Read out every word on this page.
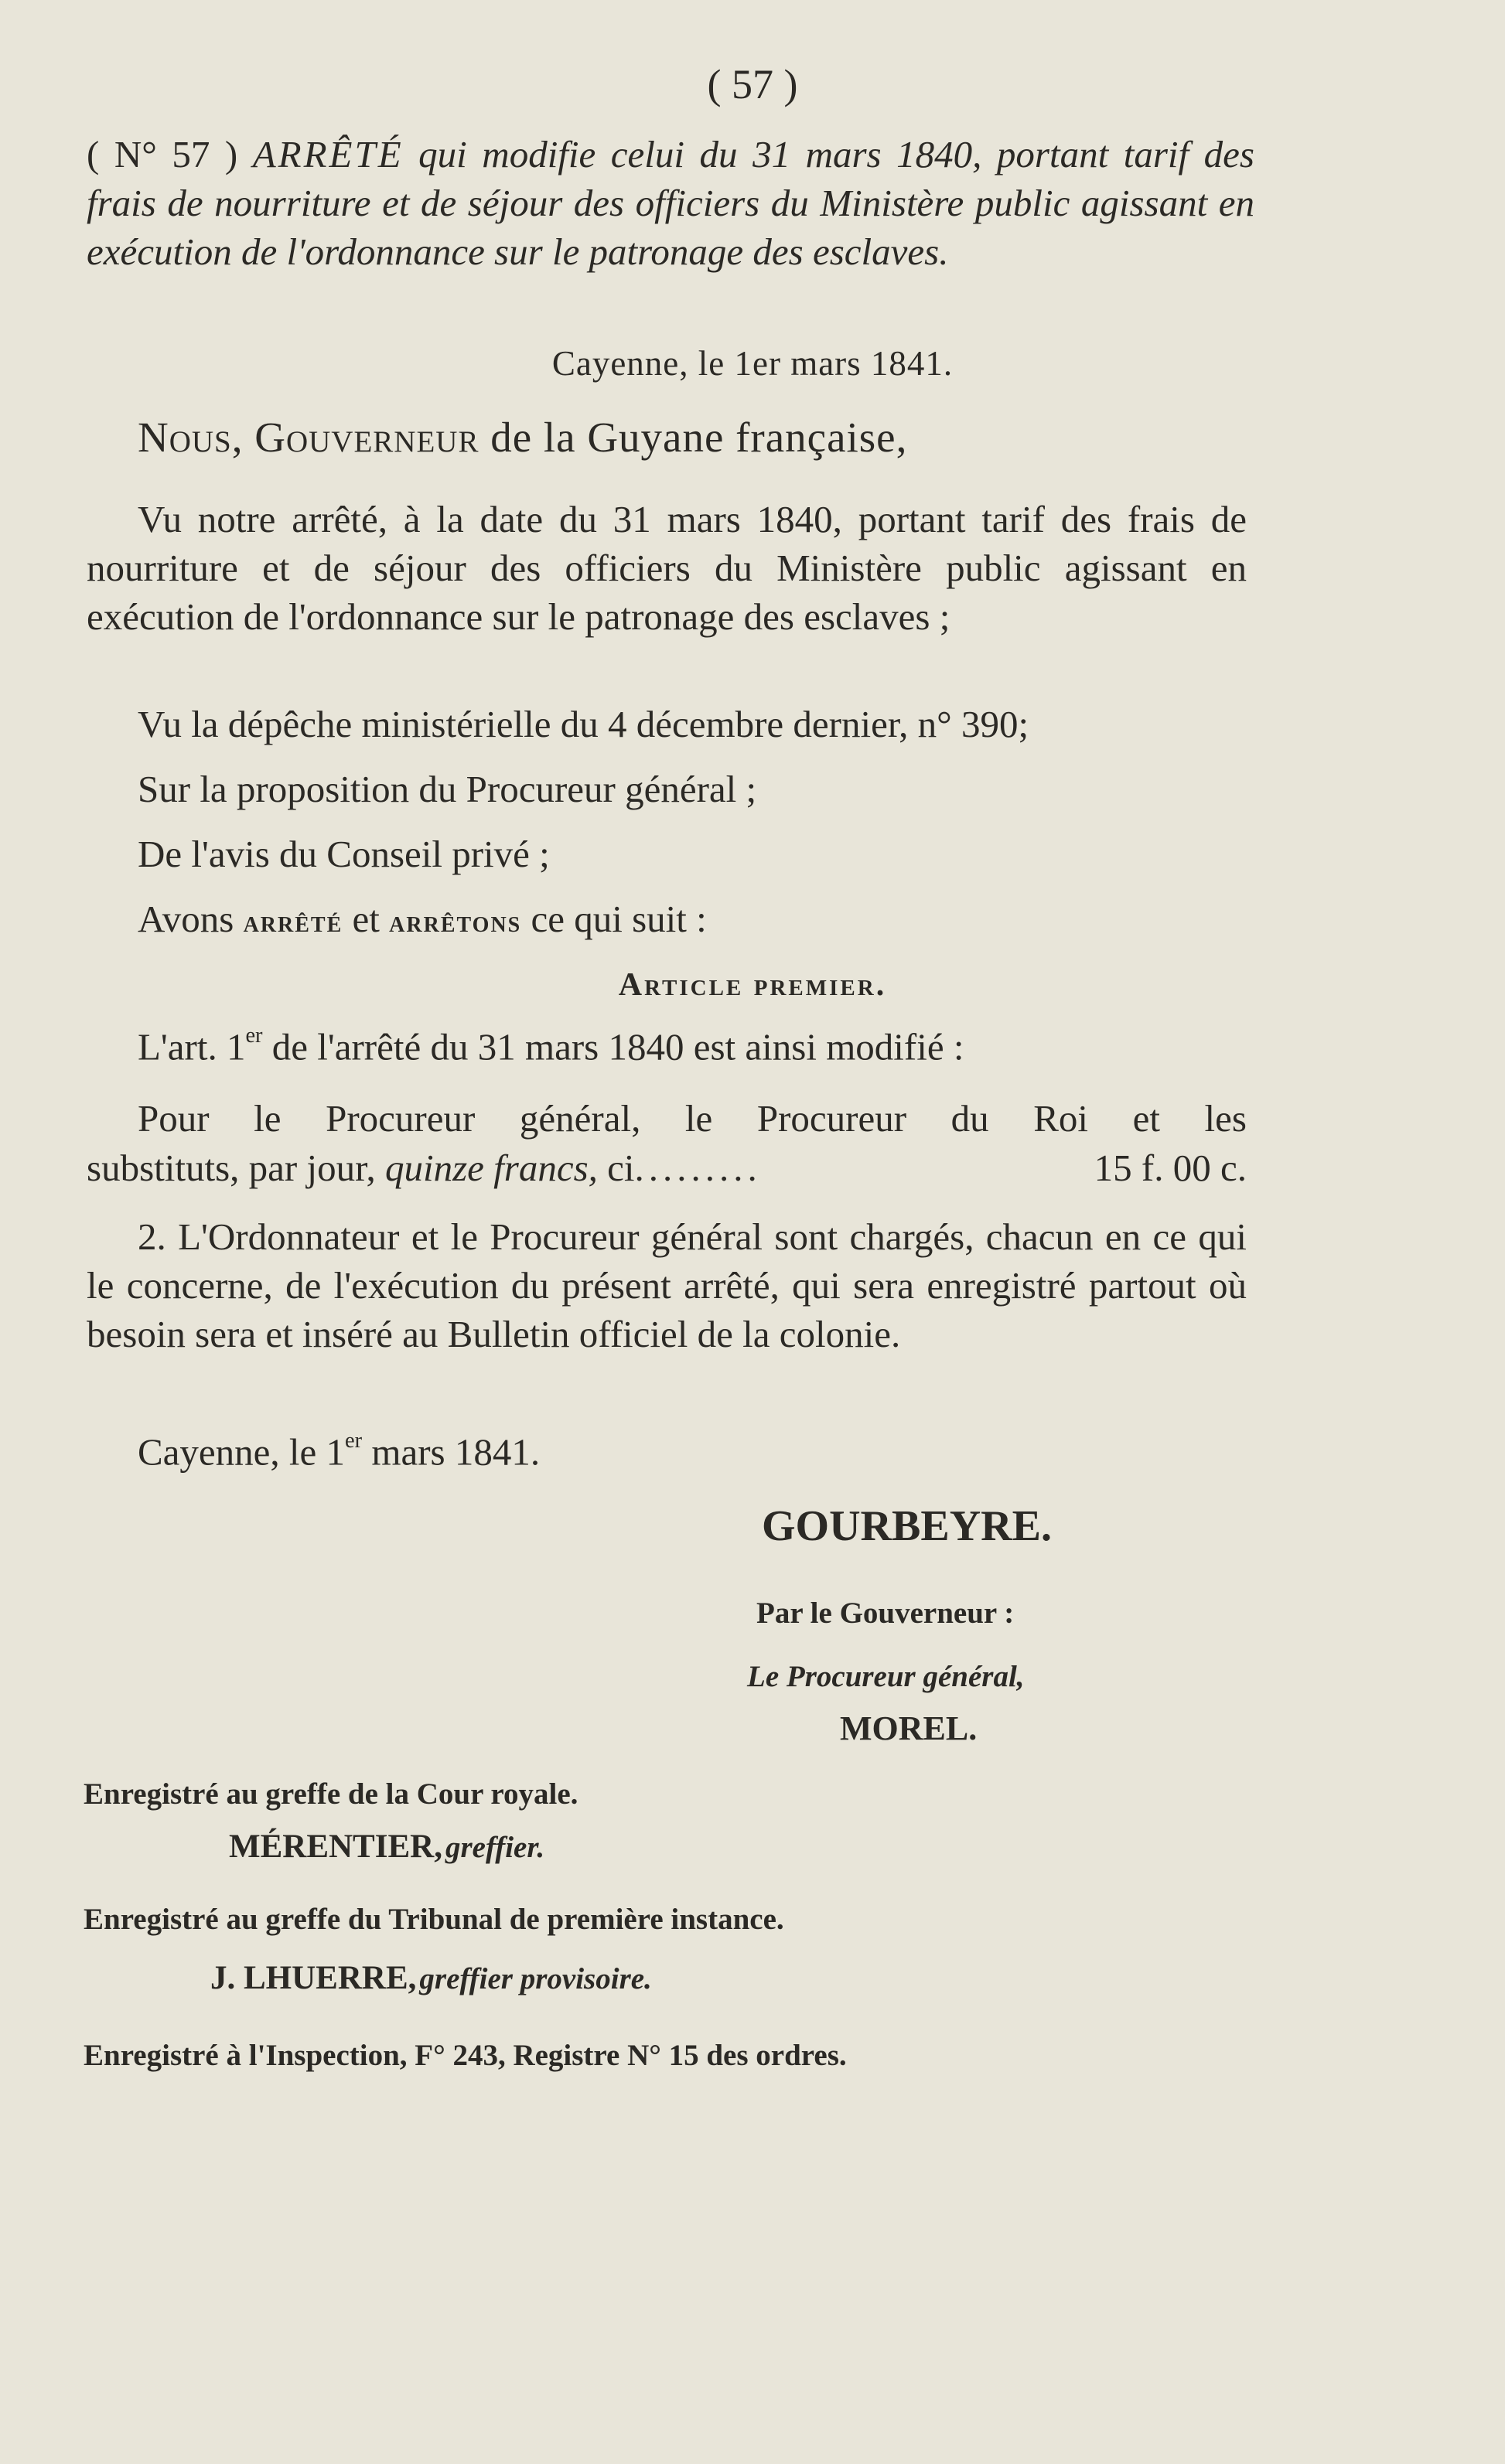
( 57 )

( N° 57 ) ARRÊTÉ qui modifie celui du 31 mars 1840, portant tarif des frais de nourriture et de séjour des officiers du Ministère public agissant en exécution de l'ordonnance sur le patronage des esclaves.

Cayenne, le 1er mars 1841.
Nous, Gouverneur de la Guyane française,

Vu notre arrêté, à la date du 31 mars 1840, portant tarif des frais de nourriture et de séjour des officiers du Ministère public agissant en exécution de l'ordonnance sur le patronage des esclaves ;

Vu la dépêche ministérielle du 4 décembre dernier, n° 390;
Sur la proposition du Procureur général ;
De l'avis du Conseil privé ;
Avons arrêté et arrêtons ce qui suit :
Article premier.
L'art. 1er de l'arrêté du 31 mars 1840 est ainsi modifié :
Pour le Procureur général, le Procureur du Roi et les
substituts, par jour,
quinze francs,
ci .........	15 f. 00 c.

2. L'Ordonnateur et le Procureur général sont chargés, chacun en ce qui le concerne, de l'exécution du présent arrêté, qui sera enregistré partout où besoin sera et inséré au Bulletin officiel de la colonie.

Cayenne, le 1er mars 1841.
GOURBEYRE.
Par le Gouverneur :
Le Procureur général,
MOREL.
Enregistré au greffe de la Cour royale.
MÉRENTIER, greffier.
Enregistré au greffe du Tribunal de première instance.
J. LHUERRE, greffier provisoire.
Enregistré à l'Inspection, F° 243, Registre N° 15 des ordres.
